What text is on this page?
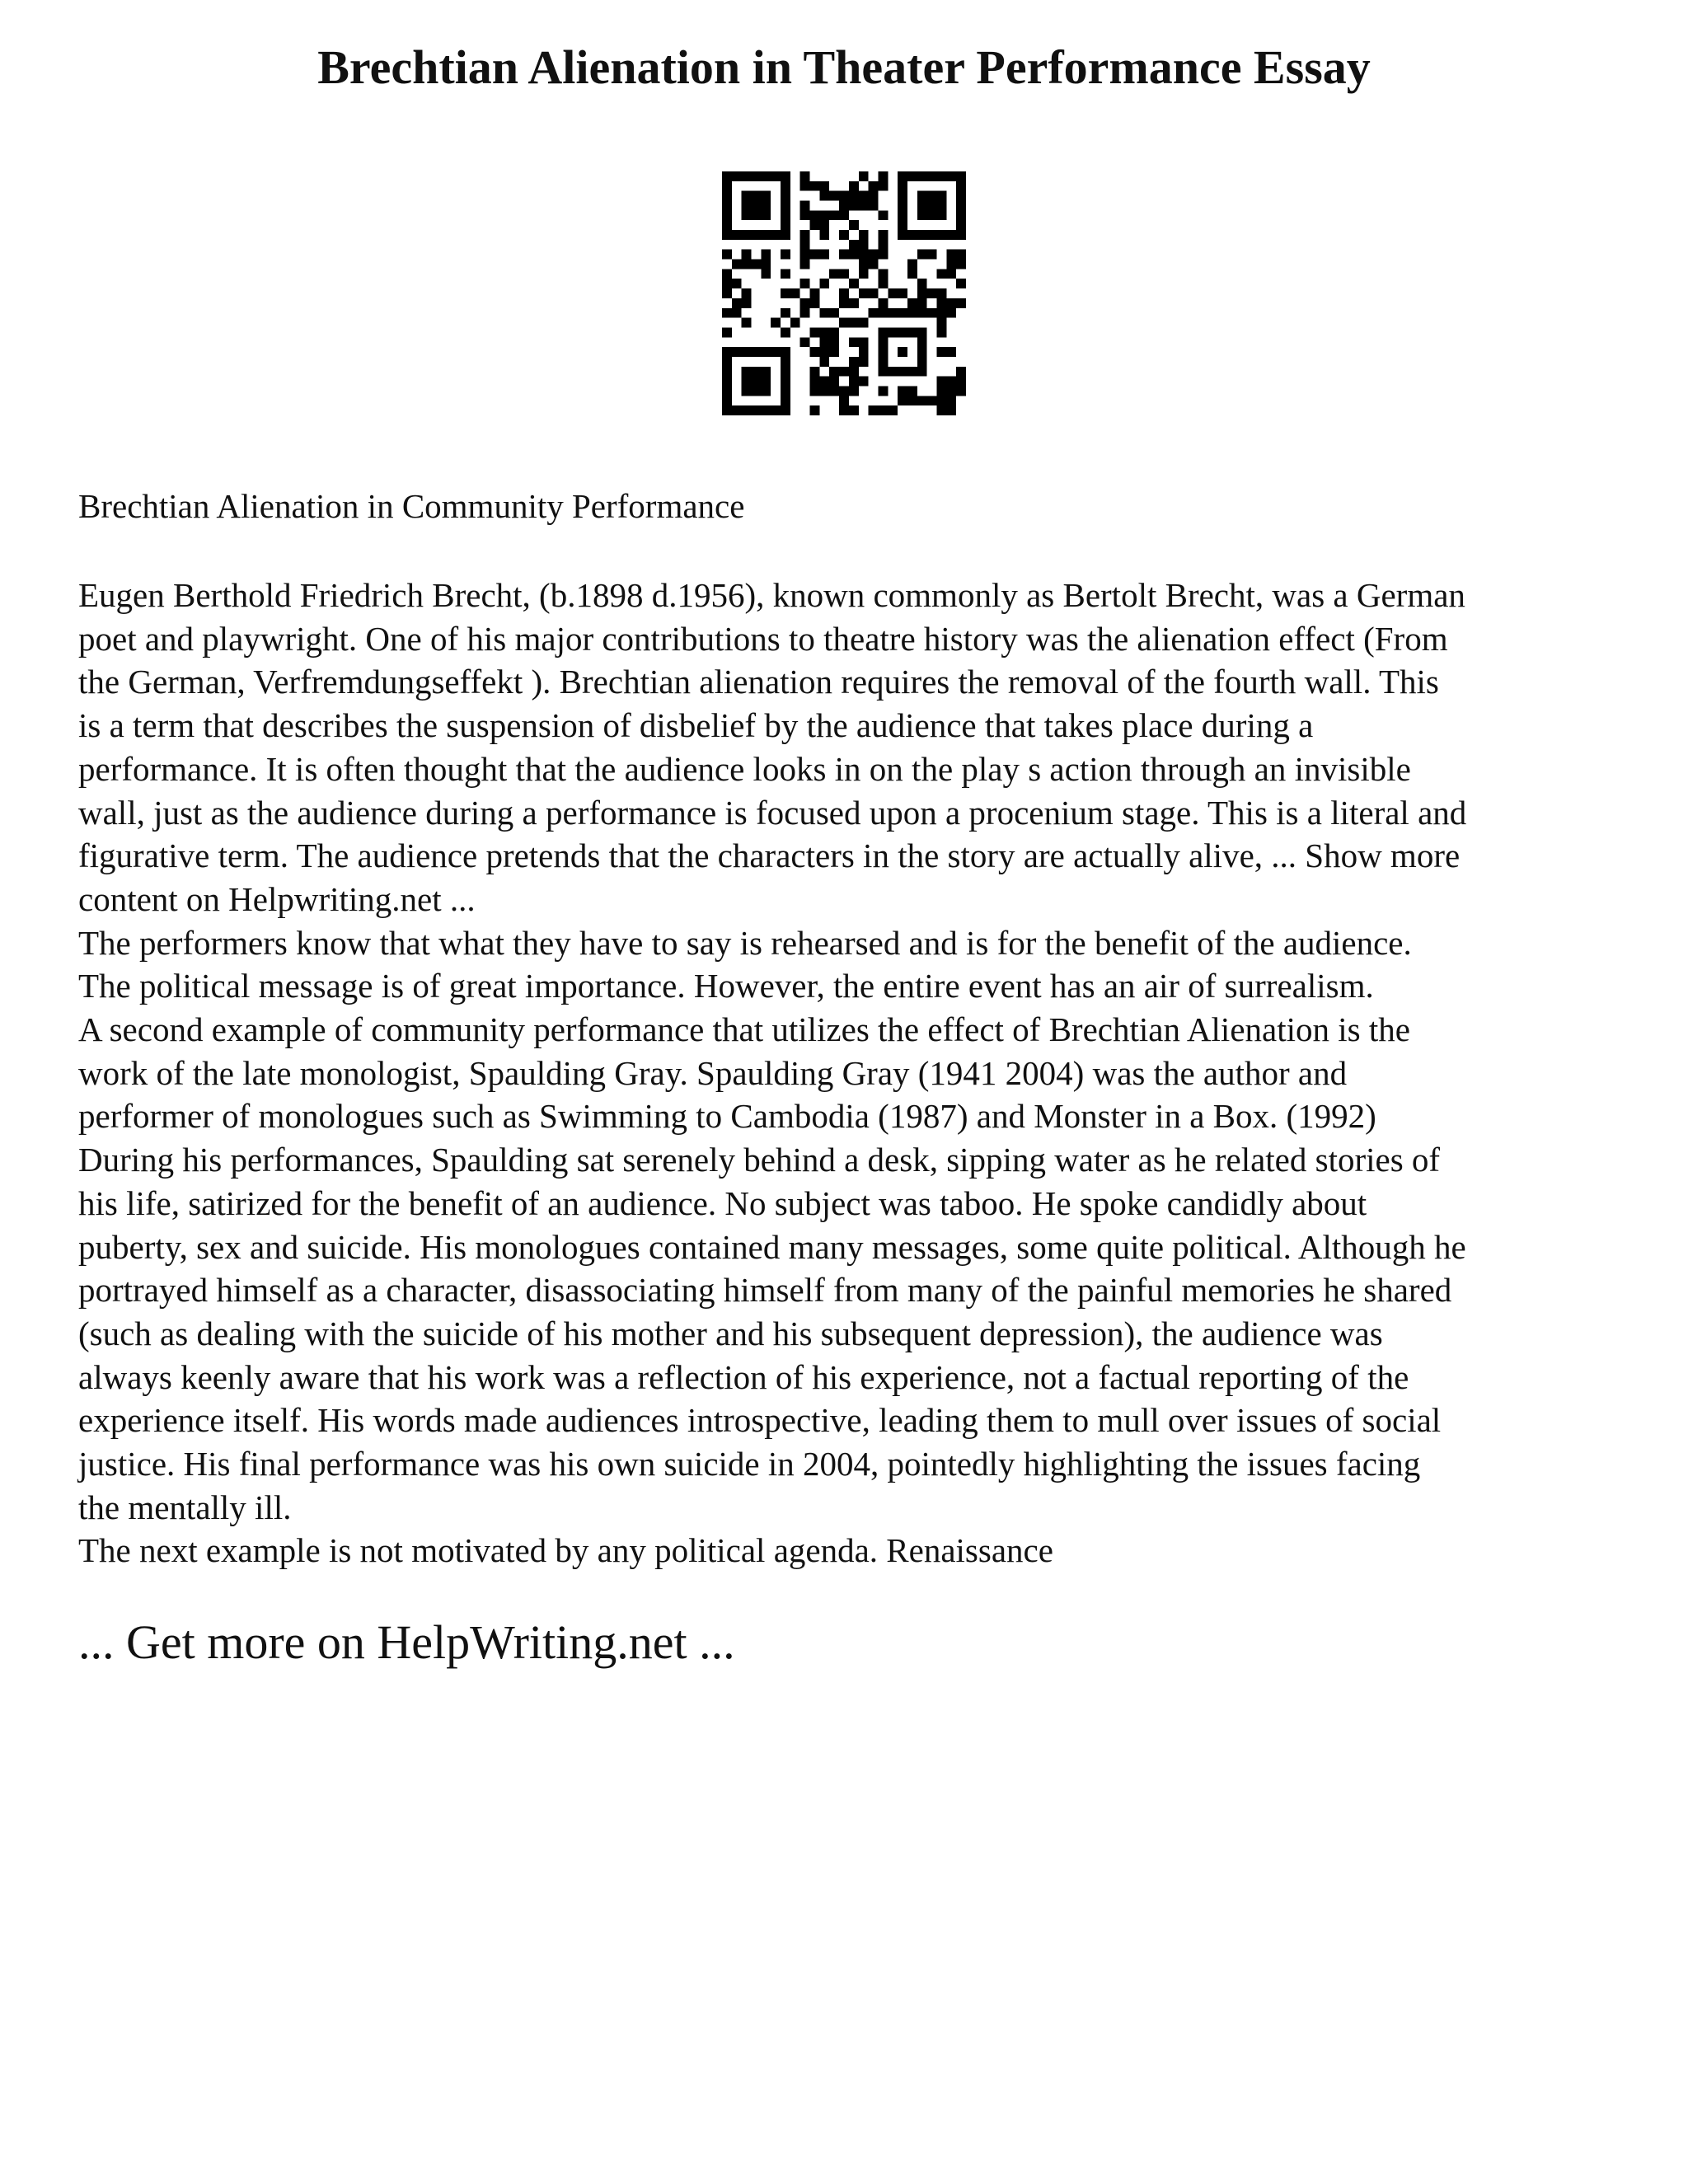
Brechtian Alienation in Theater Performance Essay

Brechtian Alienation in Community Performance

Eugen Berthold Friedrich Brecht, (b.1898 d.1956), known commonly as Bertolt Brecht, was a German
poet and playwright. One of his major contributions to theatre history was the alienation effect (From
the German, Verfremdungseffekt ). Brechtian alienation requires the removal of the fourth wall. This
is a term that describes the suspension of disbelief by the audience that takes place during a
performance. It is often thought that the audience looks in on the play s action through an invisible
wall, just as the audience during a performance is focused upon a procenium stage. This is a literal and
figurative term. The audience pretends that the characters in the story are actually alive, ... Show more
content on Helpwriting.net ...

The performers know that what they have to say is rehearsed and is for the benefit of the audience.
The political message is of great importance. However, the entire event has an air of surrealism.

A second example of community performance that utilizes the effect of Brechtian Alienation is the
work of the late monologist, Spaulding Gray. Spaulding Gray (1941 2004) was the author and
performer of monologues such as Swimming to Cambodia (1987) and Monster in a Box. (1992)
During his performances, Spaulding sat serenely behind a desk, sipping water as he related stories of
his life, satirized for the benefit of an audience. No subject was taboo. He spoke candidly about
puberty, sex and suicide. His monologues contained many messages, some quite political. Although he
portrayed himself as a character, disassociating himself from many of the painful memories he shared
(such as dealing with the suicide of his mother and his subsequent depression), the audience was
always keenly aware that his work was a reflection of his experience, not a factual reporting of the
experience itself. His words made audiences introspective, leading them to mull over issues of social
justice. His final performance was his own suicide in 2004, pointedly highlighting the issues facing
the mentally ill.

The next example is not motivated by any political agenda. Renaissance

... Get more on HelpWriting.net ...
